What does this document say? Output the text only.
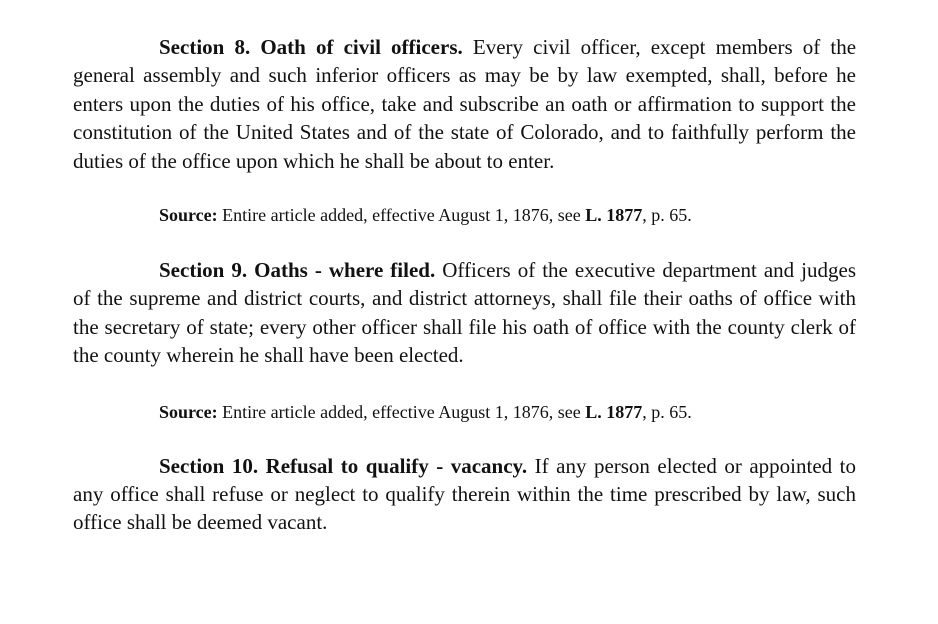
Section 8. Oath of civil officers. Every civil officer, except members of the general assembly and such inferior officers as may be by law exempted, shall, before he enters upon the duties of his office, take and subscribe an oath or affirmation to support the constitution of the United States and of the state of Colorado, and to faithfully perform the duties of the office upon which he shall be about to enter.

Source: Entire article added, effective August 1, 1876, see L. 1877, p. 65.

Section 9. Oaths - where filed. Officers of the executive department and judges of the supreme and district courts, and district attorneys, shall file their oaths of office with the secretary of state; every other officer shall file his oath of office with the county clerk of the county wherein he shall have been elected.

Source: Entire article added, effective August 1, 1876, see L. 1877, p. 65.

Section 10. Refusal to qualify - vacancy. If any person elected or appointed to any office shall refuse or neglect to qualify therein within the time prescribed by law, such office shall be deemed vacant.
